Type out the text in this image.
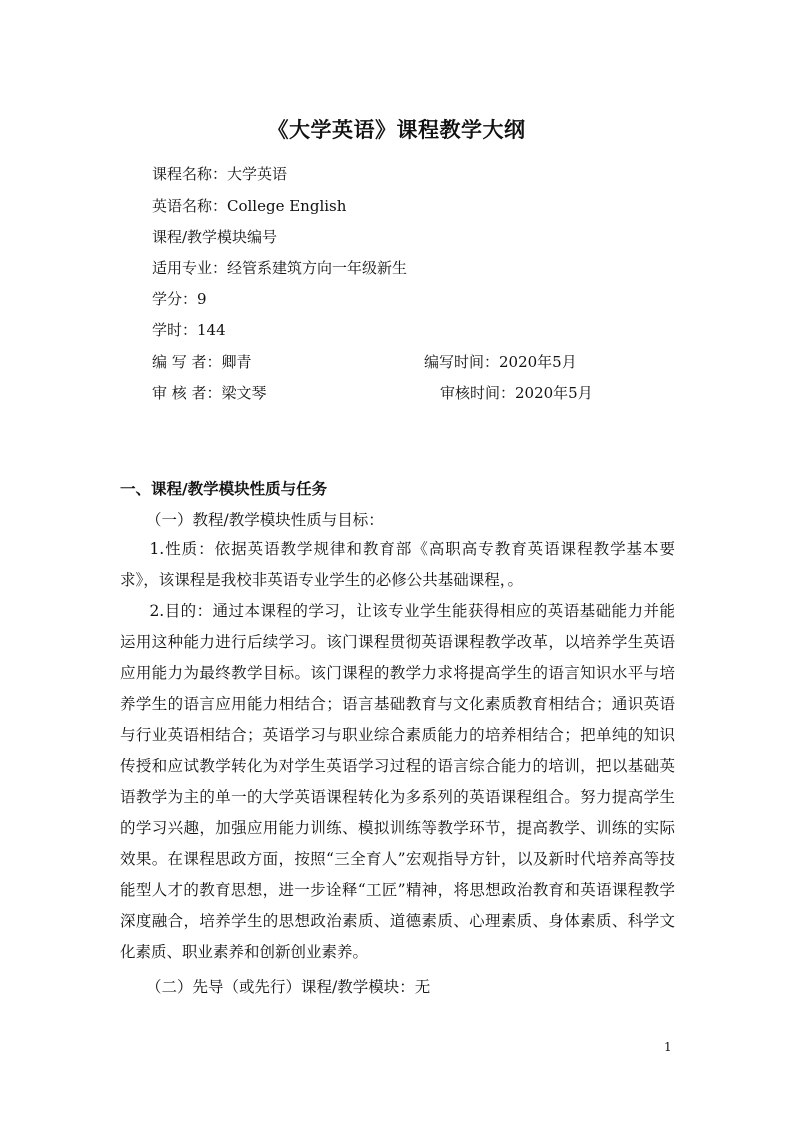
《大学英语》课程教学大纲
课程名称：大学英语
英语名称：College English
课程/教学模块编号
适用专业：经管系建筑方向一年级新生
学分：9
学时：144
编 写 者：卿青	编写时间：2020年5月
审 核 者：梁文琴	审核时间：2020年5月
一、课程/教学模块性质与任务
（一）教程/教学模块性质与目标：
1.性质：依据英语教学规律和教育部《高职高专教育英语课程教学基本要求》，该课程是我校非英语专业学生的必修公共基础课程，。
2.目的：通过本课程的学习，让该专业学生能获得相应的英语基础能力并能运用这种能力进行后续学习。该门课程贯彻英语课程教学改革，以培养学生英语应用能力为最终教学目标。该门课程的教学力求将提高学生的语言知识水平与培养学生的语言应用能力相结合；语言基础教育与文化素质教育相结合；通识英语与行业英语相结合；英语学习与职业综合素质能力的培养相结合；把单纯的知识传授和应试教学转化为对学生英语学习过程的语言综合能力的培训，把以基础英语教学为主的单一的大学英语课程转化为多系列的英语课程组合。努力提高学生的学习兴趣，加强应用能力训练、模拟训练等教学环节，提高教学、训练的实际效果。在课程思政方面，按照“三全育人”宏观指导方针，以及新时代培养高等技能型人才的教育思想，进一步诠释“工匠”精神，将思想政治教育和英语课程教学深度融合，培养学生的思想政治素质、道德素质、心理素质、身体素质、科学文化素质、职业素养和创新创业素养。
（二）先导（或先行）课程/教学模块：无
1
